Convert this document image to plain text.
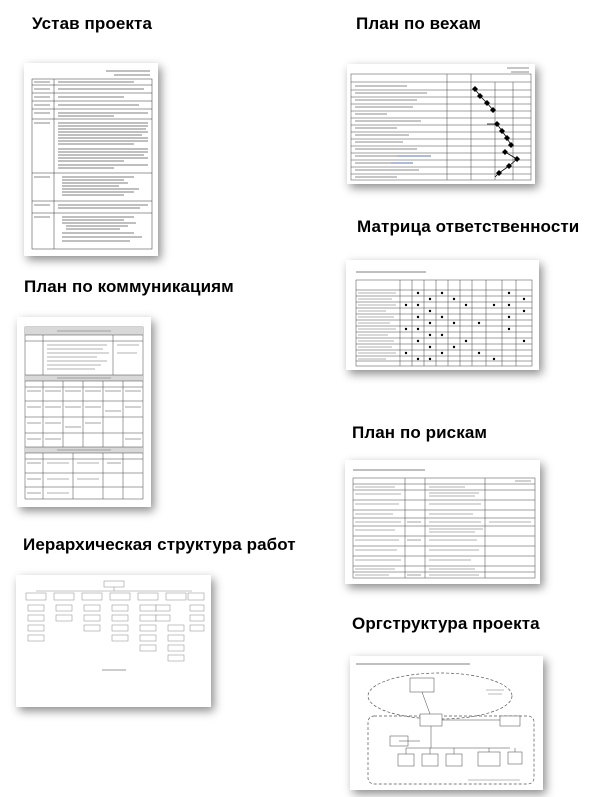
Устав проекта	План по вехам
Матрица ответственности
План по коммуникациям
План по рискам
Иерархическая структура работ
Оргструктура проекта
